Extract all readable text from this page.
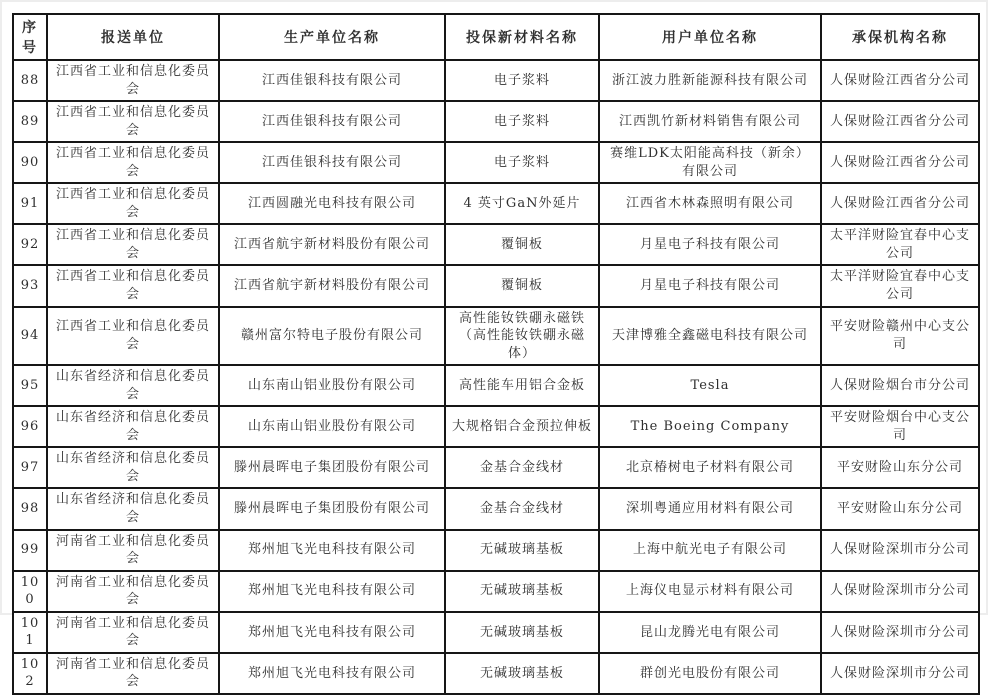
序号	报送单位	生产单位名称	投保新材料名称	用户单位名称	承保机构名称
88	江西省工业和信息化委员会	江西佳银科技有限公司	电子浆料	浙江波力胜新能源科技有限公司	人保财险江西省分公司
89	江西省工业和信息化委员会	江西佳银科技有限公司	电子浆料	江西凯竹新材料销售有限公司	人保财险江西省分公司
90	江西省工业和信息化委员会	江西佳银科技有限公司	电子浆料	赛维LDK太阳能高科技（新余）有限公司	人保财险江西省分公司
91	江西省工业和信息化委员会	江西圆融光电科技有限公司	4 英寸GaN外延片	江西省木林森照明有限公司	人保财险江西省分公司
92	江西省工业和信息化委员会	江西省航宇新材料股份有限公司	覆铜板	月星电子科技有限公司	太平洋财险宜春中心支公司
93	江西省工业和信息化委员会	江西省航宇新材料股份有限公司	覆铜板	月星电子科技有限公司	太平洋财险宜春中心支公司
94	江西省工业和信息化委员会	赣州富尔特电子股份有限公司	高性能钕铁硼永磁铁（高性能钕铁硼永磁体）	天津博雅全鑫磁电科技有限公司	平安财险赣州中心支公司
95	山东省经济和信息化委员会	山东南山铝业股份有限公司	高性能车用铝合金板	Tesla	人保财险烟台市分公司
96	山东省经济和信息化委员会	山东南山铝业股份有限公司	大规格铝合金预拉伸板	The Boeing Company	平安财险烟台中心支公司
97	山东省经济和信息化委员会	滕州晨晖电子集团股份有限公司	金基合金线材	北京椿树电子材料有限公司	平安财险山东分公司
98	山东省经济和信息化委员会	滕州晨晖电子集团股份有限公司	金基合金线材	深圳粤通应用材料有限公司	平安财险山东分公司
99	河南省工业和信息化委员会	郑州旭飞光电科技有限公司	无碱玻璃基板	上海中航光电子有限公司	人保财险深圳市分公司
100	河南省工业和信息化委员会	郑州旭飞光电科技有限公司	无碱玻璃基板	上海仪电显示材料有限公司	人保财险深圳市分公司
101	河南省工业和信息化委员会	郑州旭飞光电科技有限公司	无碱玻璃基板	昆山龙腾光电有限公司	人保财险深圳市分公司
102	河南省工业和信息化委员会	郑州旭飞光电科技有限公司	无碱玻璃基板	群创光电股份有限公司	人保财险深圳市分公司
